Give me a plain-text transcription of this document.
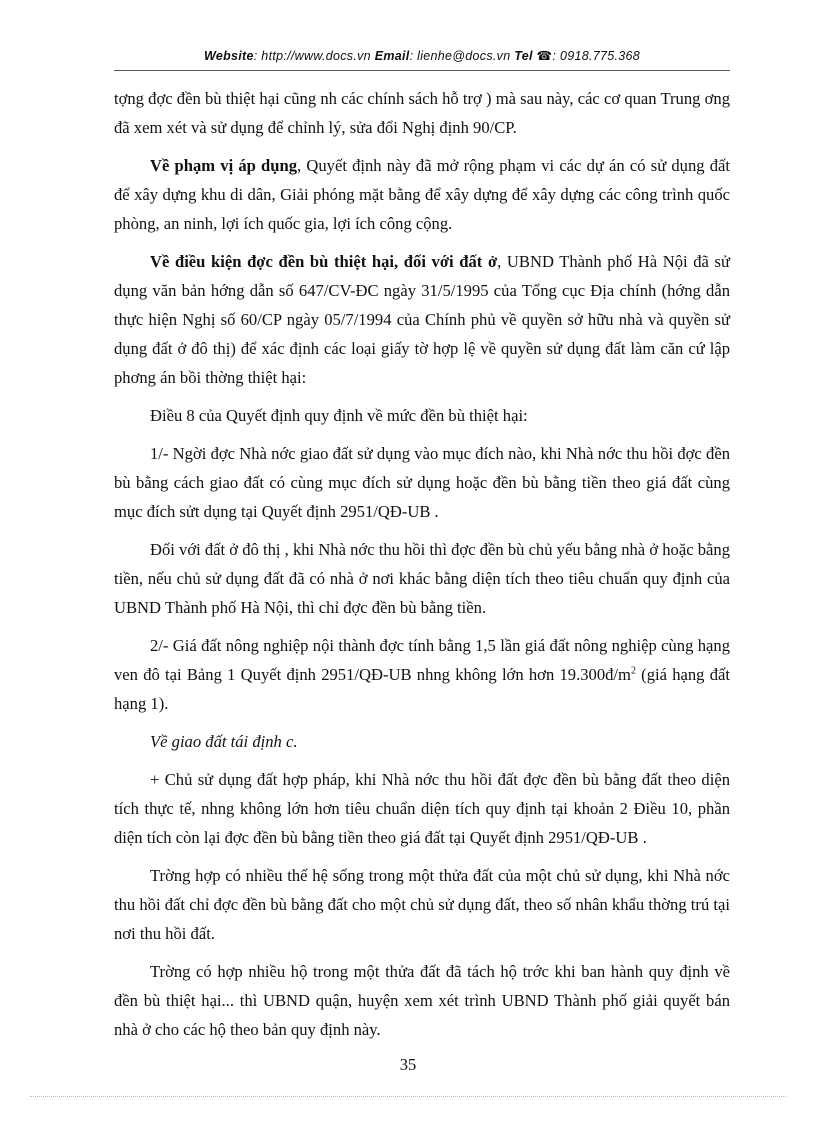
Website: http://www.docs.vn Email: lienhe@docs.vn Tel ☎: 0918.775.368

tợng đợc đền bù thiệt hại cũng nh các chính sách hỗ trợ ) mà sau này, các cơ quan Trung ơng đã xem xét và sử dụng để chỉnh lý, sửa đổi Nghị định 90/CP.

Về phạm vị áp dụng, Quyết định này đã mở rộng phạm vi các dự án có sử dụng đất để xây dựng khu di dân, Giải phóng mặt bằng để xây dựng để xây dựng các công trình quốc phòng, an ninh, lợi ích quốc gia, lợi ích công cộng.

Về điều kiện đợc đền bù thiệt hại, đối với đất ở, UBND Thành phố Hà Nội đã sử dụng văn bản hớng dẫn số 647/CV-ĐC ngày 31/5/1995 của Tổng cục Địa chính (hớng dẫn thực hiện Nghị số 60/CP ngày 05/7/1994 của Chính phủ về quyền sở hữu nhà và quyền sử dụng đất ở đô thị) để xác định các loại giấy tờ hợp lệ về quyền sử dụng đất làm căn cứ lập phơng án bồi thờng thiệt hại:

Điều 8 của Quyết định quy định về mức đền bù thiệt hại:

1/- Ngời đợc Nhà nớc giao đất sử dụng vào mục đích nào, khi Nhà nớc thu hồi đợc đền bù bằng cách giao đất có cùng mục đích sử dụng hoặc đền bù bằng tiền theo giá đất cùng mục đích sửt dụng tại Quyết định 2951/QĐ-UB .

Đối với đất ở đô thị , khi Nhà nớc thu hồi thì đợc đền bù chủ yếu bằng nhà ở hoặc bằng tiền, nếu chủ sử dụng đất đã có nhà ở nơi khác bằng diện tích theo tiêu chuẩn quy định của UBND Thành phố Hà Nội, thì chỉ đợc đền bù bằng tiền.

2/- Giá đất nông nghiệp nội thành đợc tính bằng 1,5 lần giá đất nông nghiệp cùng hạng ven đô tại Bảng 1 Quyết định 2951/QĐ-UB nhng không lớn hơn $19.300đ/m^2$ (giá hạng đất hạng 1).

Về giao đất tái định c.

+ Chủ sử dụng đất hợp pháp, khi Nhà nớc thu hồi đất đợc đền bù bằng đất theo diện tích thực tế, nhng không lớn hơn tiêu chuẩn diện tích quy định tại khoản 2 Điều 10, phần diện tích còn lại đợc đền bù bằng tiền theo giá đất tại Quyết định 2951/QĐ-UB .

Trờng hợp có nhiều thế hệ sống trong một thửa đất của một chủ sử dụng, khi Nhà nớc thu hồi đất chỉ đợc đền bù bằng đất cho một chủ sử dụng đất, theo số nhân khẩu thờng trú tại nơi thu hồi đất.

Trờng có hợp nhiều hộ trong một thửa đất đã tách hộ trớc khi ban hành quy định về đền bù thiệt hại... thì UBND quận, huyện xem xét trình UBND Thành phố giải quyết bán nhà ở cho các hộ theo bản quy định này.

35
